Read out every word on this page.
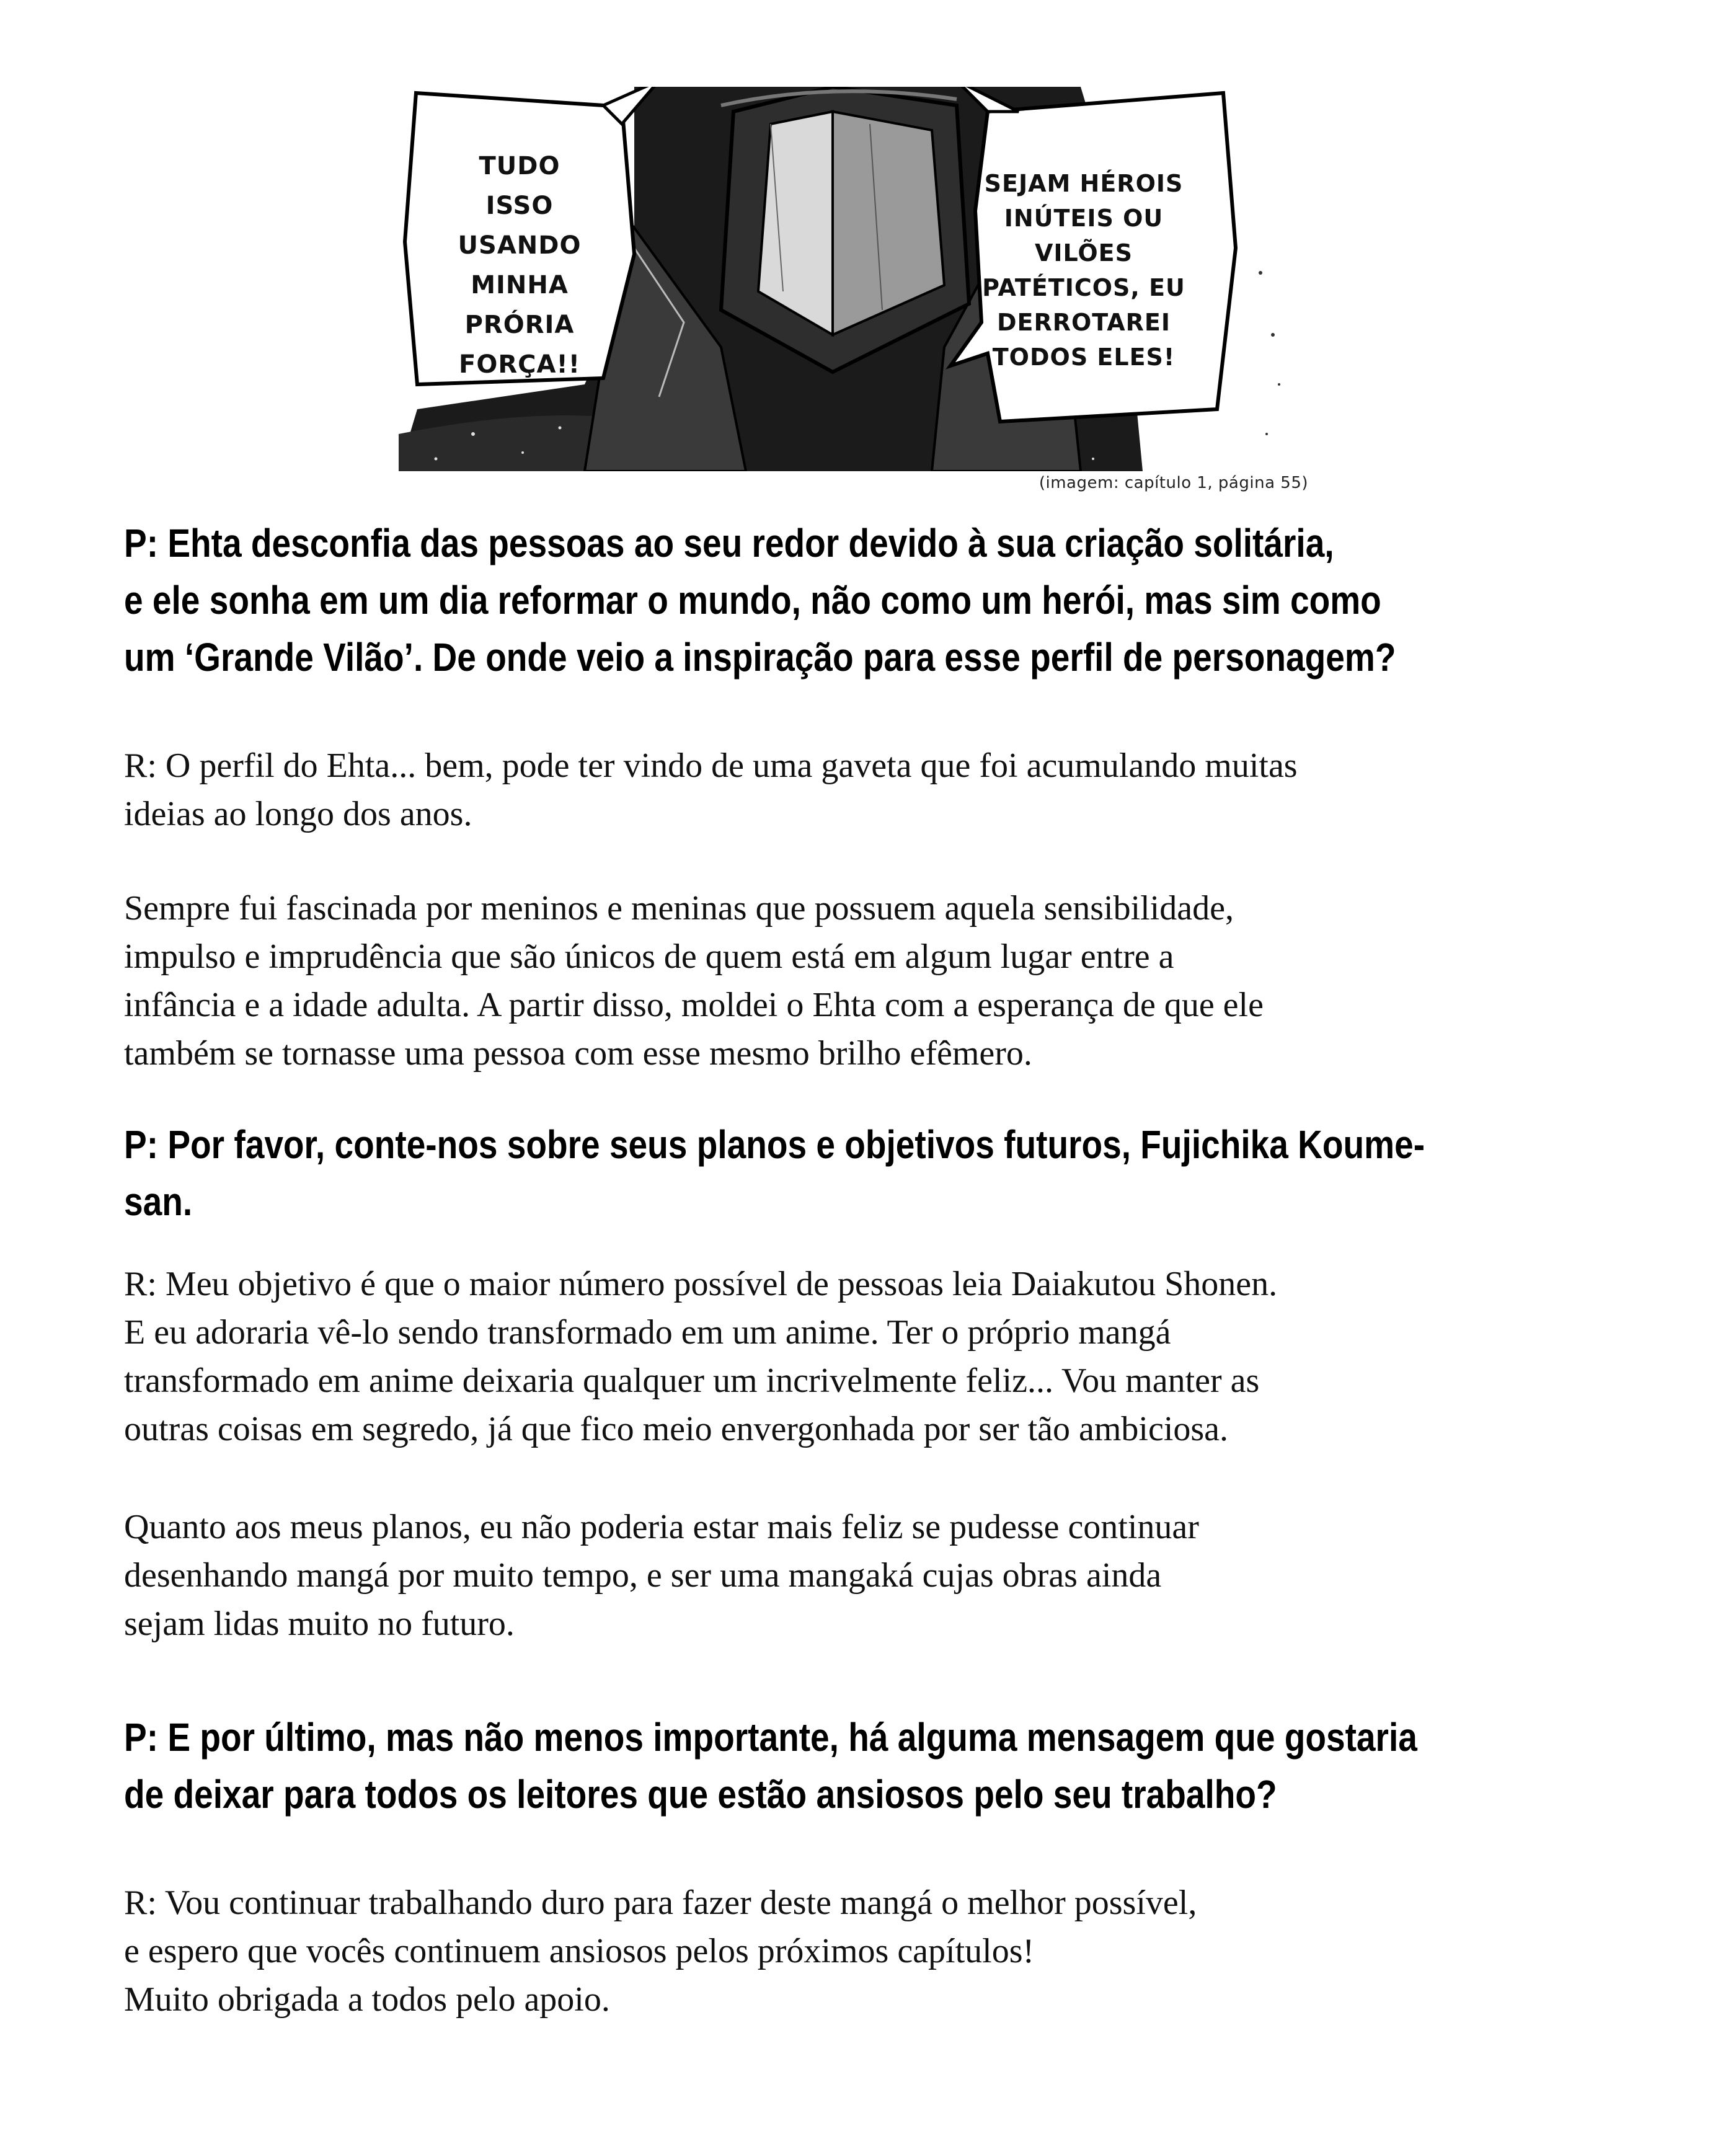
TUDO ISSO
USANDO
MINHA
PRÓRIA
FORÇA!!
SEJAM HÉROIS
INÚTEIS OU VILÕES
PATÉTICOS, EU
DERROTAREI
TODOS ELES!
(imagem: capítulo 1, página 55)
P: Ehta desconfia das pessoas ao seu redor devido à sua criação solitária,
e ele sonha em um dia reformar o mundo, não como um herói, mas sim como
um ‘Grande Vilão’. De onde veio a inspiração para esse perfil de personagem?
R: O perfil do Ehta... bem, pode ter vindo de uma gaveta que foi acumulando muitas
ideias ao longo dos anos.
Sempre fui fascinada por meninos e meninas que possuem aquela sensibilidade,
impulso e imprudência que são únicos de quem está em algum lugar entre a
infância e a idade adulta. A partir disso, moldei o Ehta com a esperança de que ele
também se tornasse uma pessoa com esse mesmo brilho efêmero.
P: Por favor, conte-nos sobre seus planos e objetivos futuros, Fujichika Koume-san.
R: Meu objetivo é que o maior número possível de pessoas leia Daiakutou Shonen.
E eu adoraria vê-lo sendo transformado em um anime. Ter o próprio mangá
transformado em anime deixaria qualquer um incrivelmente feliz... Vou manter as
outras coisas em segredo, já que fico meio envergonhada por ser tão ambiciosa.
Quanto aos meus planos, eu não poderia estar mais feliz se pudesse continuar
desenhando mangá por muito tempo, e ser uma mangaká cujas obras ainda
sejam lidas muito no futuro.
P: E por último, mas não menos importante, há alguma mensagem que gostaria
de deixar para todos os leitores que estão ansiosos pelo seu trabalho?
R: Vou continuar trabalhando duro para fazer deste mangá o melhor possível,
e espero que vocês continuem ansiosos pelos próximos capítulos!
Muito obrigada a todos pelo apoio.
